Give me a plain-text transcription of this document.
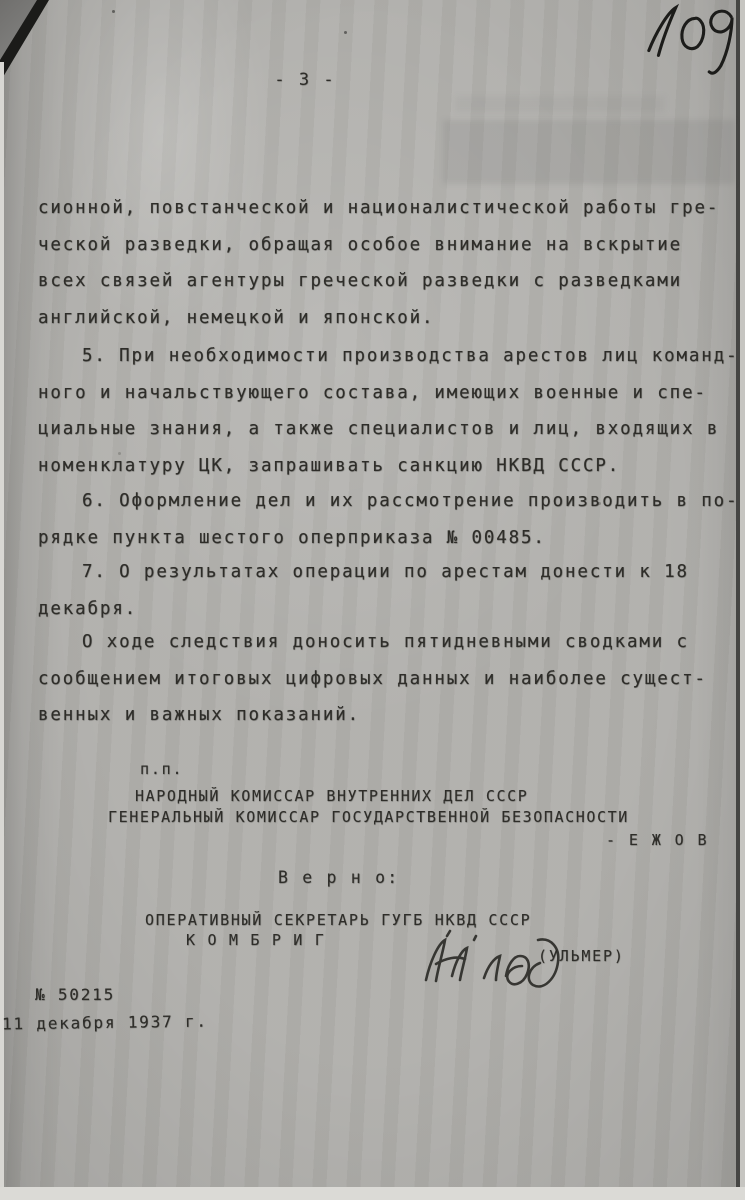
- 3 -
сионной, повстанческой и националистической работы гре-
ческой разведки, обращая особое внимание на вскрытие
всех связей агентуры греческой разведки с разведками
английской, немецкой и японской.
5. При необходимости производства арестов лиц команд-
ного и начальствующего состава, имеющих военные и спе-
циальные знания, а также специалистов и лиц, входящих в
номенклатуру ЦК, запрашивать санкцию НКВД СССР.
6. Оформление дел и их рассмотрение производить в по-
рядке пункта шестого оперприказа № 00485.
7. О результатах операции по арестам донести к 18
декабря.
О ходе следствия доносить пятидневными сводками с
сообщением итоговых цифровых данных и наиболее сущест-
венных и важных показаний.
п.п.
НАРОДНЫЙ КОМИССАР ВНУТРЕННИХ ДЕЛ СССР
ГЕНЕРАЛЬНЫЙ КОМИССАР ГОСУДАРСТВЕННОЙ БЕЗОПАСНОСТИ
- Е Ж О В
В е р н о:
ОПЕРАТИВНЫЙ СЕКРЕТАРЬ ГУГБ НКВД СССР
К О М Б Р И Г
(УЛЬМЕР)
№ 50215
11 декабря 1937 г.
